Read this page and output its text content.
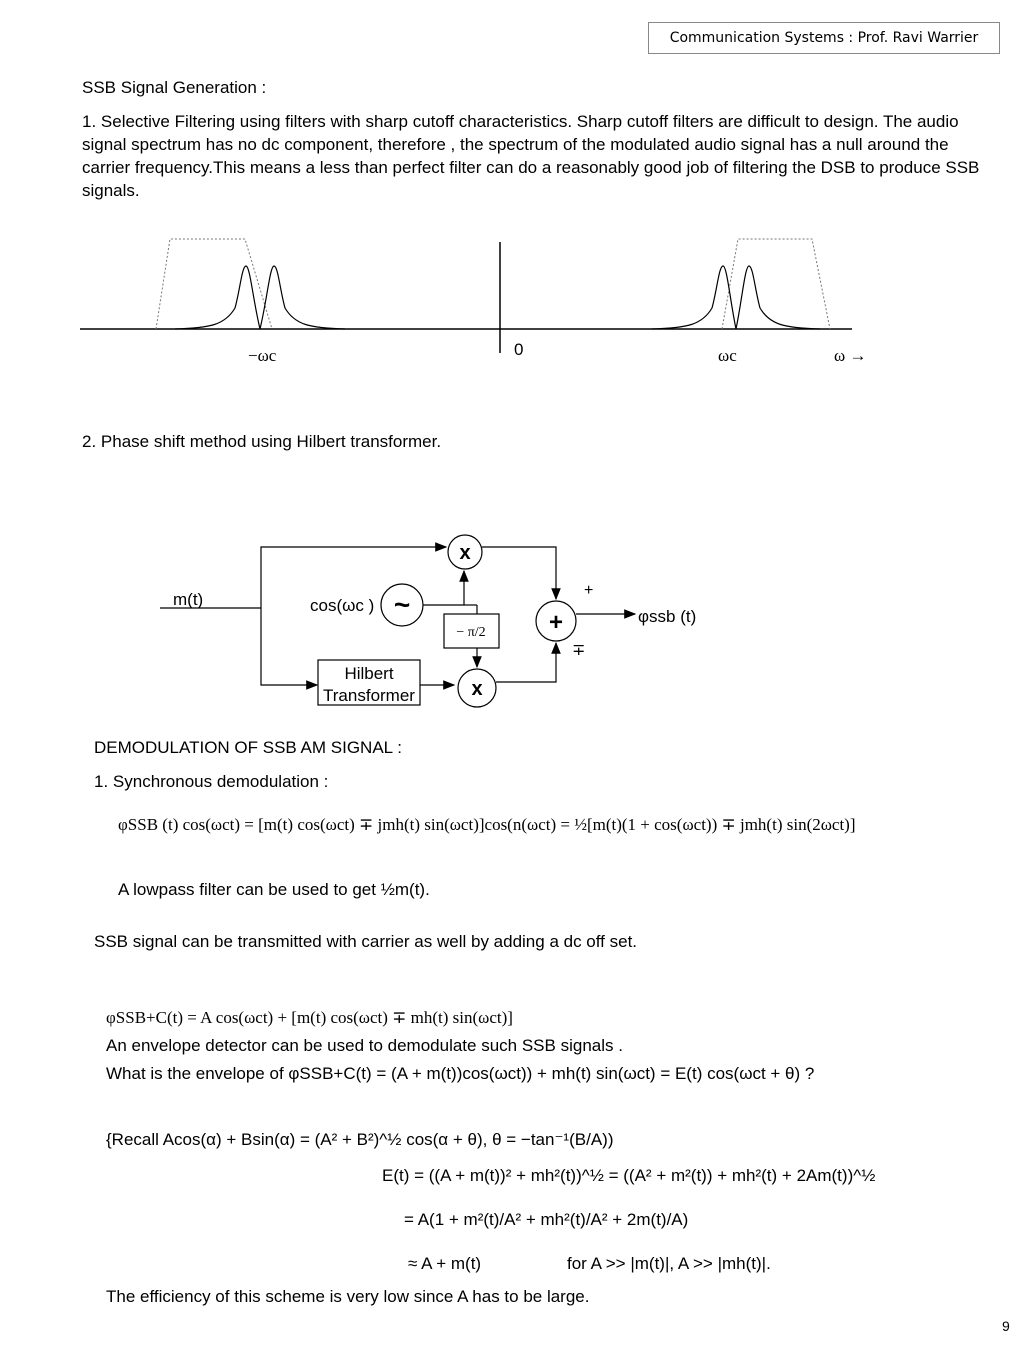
Communication Systems : Prof. Ravi Warrier
SSB Signal Generation :
1. Selective Filtering using filters with sharp cutoff characteristics. Sharp cutoff filters are difficult to design. The audio signal spectrum has no dc component, therefore , the spectrum of the modulated audio signal has a null around the carrier frequency.This means a less than perfect filter can do a reasonably good job of filtering the DSB to produce SSB signals.
−ωc	0	ωc	ω →
2. Phase shift method using Hilbert transformer.
Hilbert
Transformer
x
x
~
− π/2	+
+
∓
m(t)	cos(ωc )
φssb (t)
DEMODULATION OF SSB AM SIGNAL :
1. Synchronous demodulation :
φSSB (t) cos(ωct) = [m(t) cos(ωct) ∓ jmh(t) sin(ωct)]cos(n(ωct) = ½[m(t)(1 + cos(ωct)) ∓ jmh(t) sin(2ωct)]
A lowpass filter can be used to get ½m(t).
SSB signal can be transmitted with carrier as well by adding a dc off set.
φSSB+C(t) = A cos(ωct) + [m(t) cos(ωct) ∓ mh(t) sin(ωct)]
An envelope detector can be used to demodulate such SSB signals .
What is the envelope of φSSB+C(t) = (A + m(t))cos(ωct)) + mh(t) sin(ωct) = E(t) cos(ωct + θ) ?
{Recall Acos(α) + Bsin(α) = (A² + B²)^½ cos(α + θ), θ = −tan⁻¹(B/A))
E(t) = ((A + m(t))² + mh²(t))^½ = ((A² + m²(t)) + mh²(t) + 2Am(t))^½
= A(1 + m²(t)/A² + mh²(t)/A² + 2m(t)/A)
≈ A + m(t)	for A >> |m(t)|, A >> |mh(t)|.
The efficiency of this scheme is very low since A has to be large.
9
